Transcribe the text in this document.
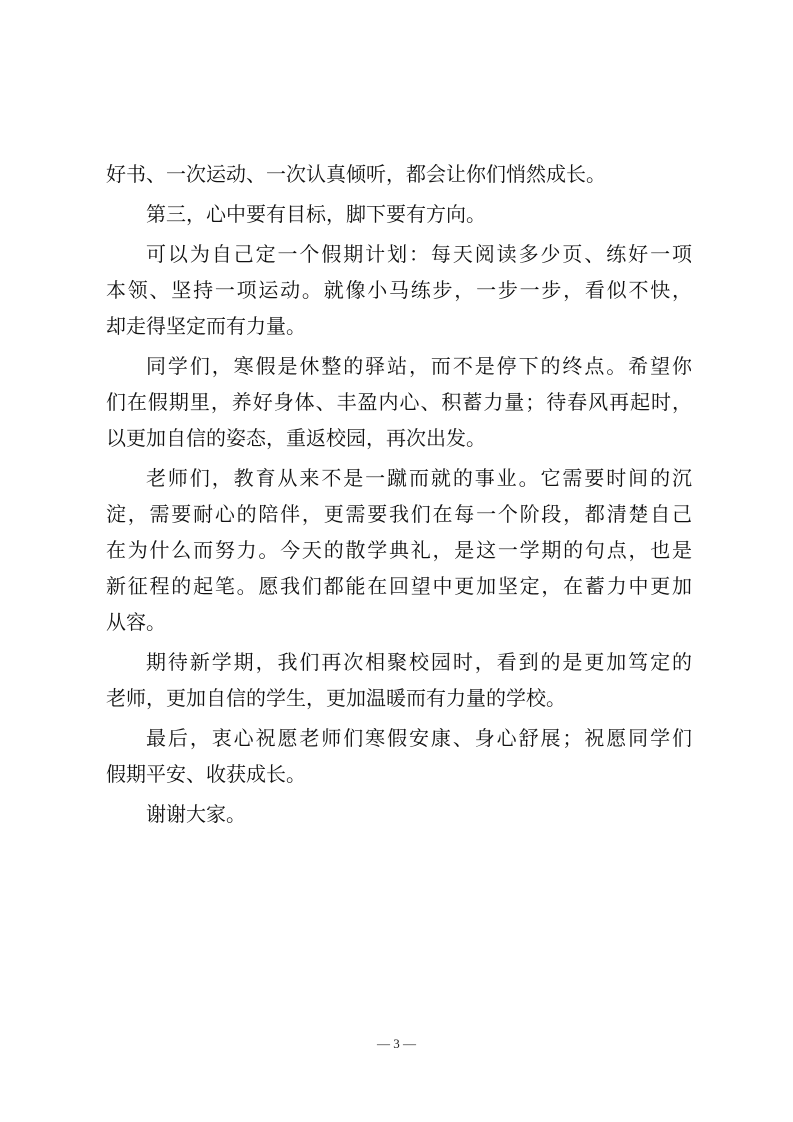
好书、一次运动、一次认真倾听，都会让你们悄然成长。
第三，心中要有目标，脚下要有方向。
可以为自己定一个假期计划：每天阅读多少页、练好一项
本领、坚持一项运动。就像小马练步，一步一步，看似不快，
却走得坚定而有力量。
同学们，寒假是休整的驿站，而不是停下的终点。希望你
们在假期里，养好身体、丰盈内心、积蓄力量；待春风再起时，
以更加自信的姿态，重返校园，再次出发。
老师们，教育从来不是一蹴而就的事业。它需要时间的沉
淀，需要耐心的陪伴，更需要我们在每一个阶段，都清楚自己
在为什么而努力。今天的散学典礼，是这一学期的句点，也是
新征程的起笔。愿我们都能在回望中更加坚定，在蓄力中更加
从容。
期待新学期，我们再次相聚校园时，看到的是更加笃定的
老师，更加自信的学生，更加温暖而有力量的学校。
最后，衷心祝愿老师们寒假安康、身心舒展；祝愿同学们
假期平安、收获成长。
谢谢大家。
— 3 —
